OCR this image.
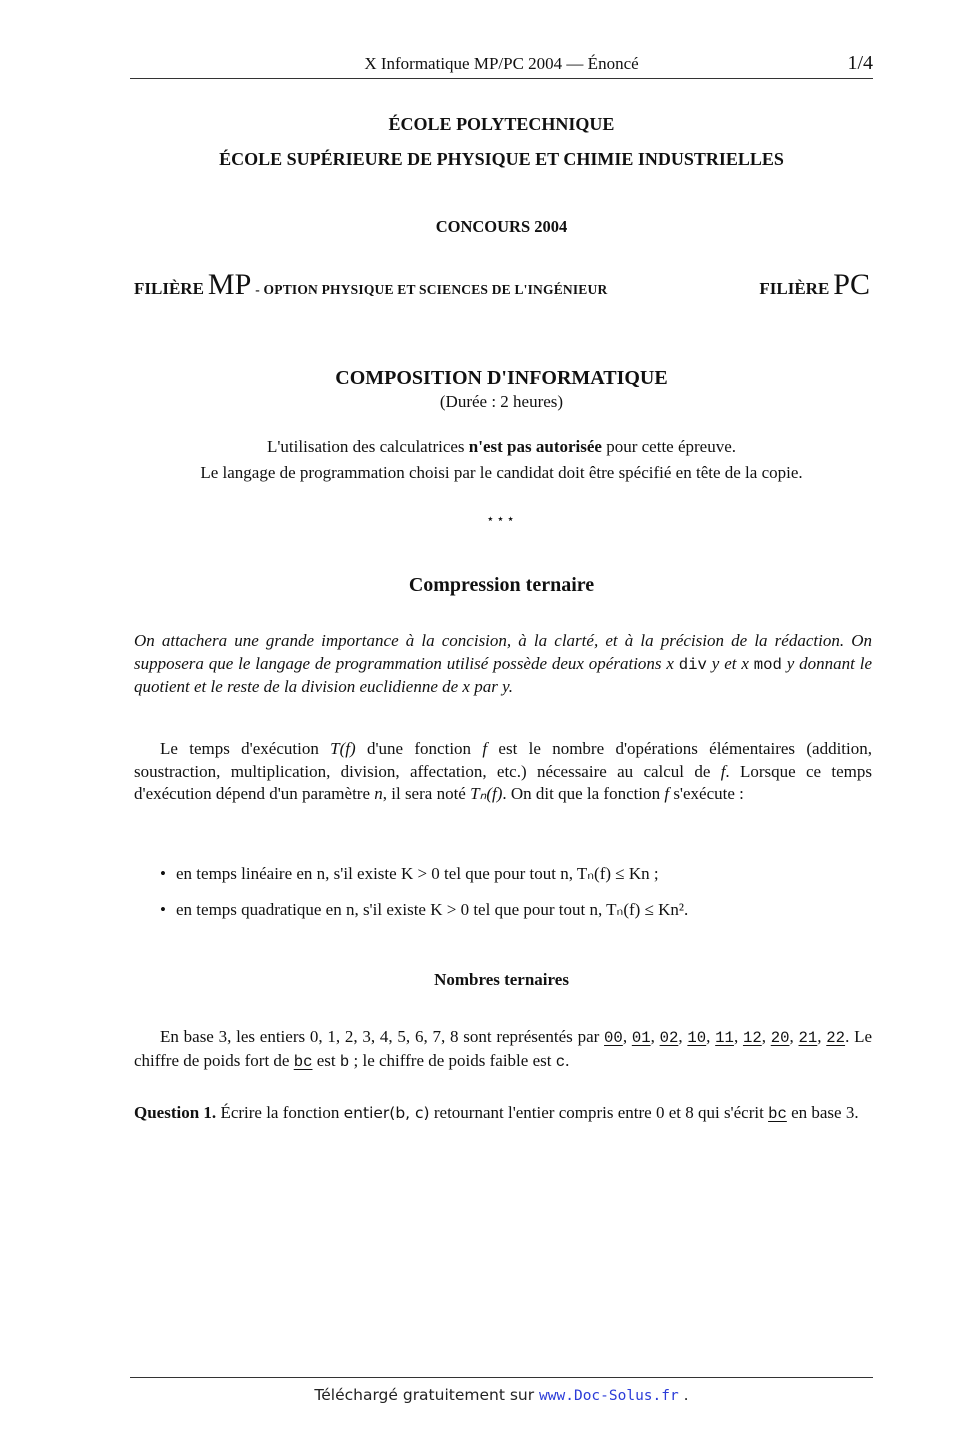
X Informatique MP/PC 2004 — Énoncé	1/4
ÉCOLE POLYTECHNIQUE
ÉCOLE SUPÉRIEURE DE PHYSIQUE ET CHIMIE INDUSTRIELLES
CONCOURS 2004
FILIÈRE MP - OPTION PHYSIQUE ET SCIENCES DE L'INGÉNIEUR	FILIÈRE PC
COMPOSITION D'INFORMATIQUE
(Durée : 2 heures)
L'utilisation des calculatrices n'est pas autorisée pour cette épreuve.
Le langage de programmation choisi par le candidat doit être spécifié en tête de la copie.
⋆⋆⋆
Compression ternaire
On attachera une grande importance à la concision, à la clarté, et à la précision de la rédaction. On supposera que le langage de programmation utilisé possède deux opérations x div y et x mod y donnant le quotient et le reste de la division euclidienne de x par y.
Le temps d'exécution T(f) d'une fonction f est le nombre d'opérations élémentaires (addition, soustraction, multiplication, division, affectation, etc.) nécessaire au calcul de f. Lorsque ce temps d'exécution dépend d'un paramètre n, il sera noté Tₙ(f). On dit que la fonction f s'exécute :
• en temps linéaire en n, s'il existe K > 0 tel que pour tout n, Tₙ(f) ≤ Kn ;
• en temps quadratique en n, s'il existe K > 0 tel que pour tout n, Tₙ(f) ≤ Kn².
Nombres ternaires
En base 3, les entiers 0, 1, 2, 3, 4, 5, 6, 7, 8 sont représentés par 00, 01, 02, 10, 11, 12, 20, 21, 22. Le chiffre de poids fort de bc est b ; le chiffre de poids faible est c.
Question 1. Écrire la fonction entier(b, c) retournant l'entier compris entre 0 et 8 qui s'écrit bc en base 3.
Téléchargé gratuitement sur www.Doc-Solus.fr .
